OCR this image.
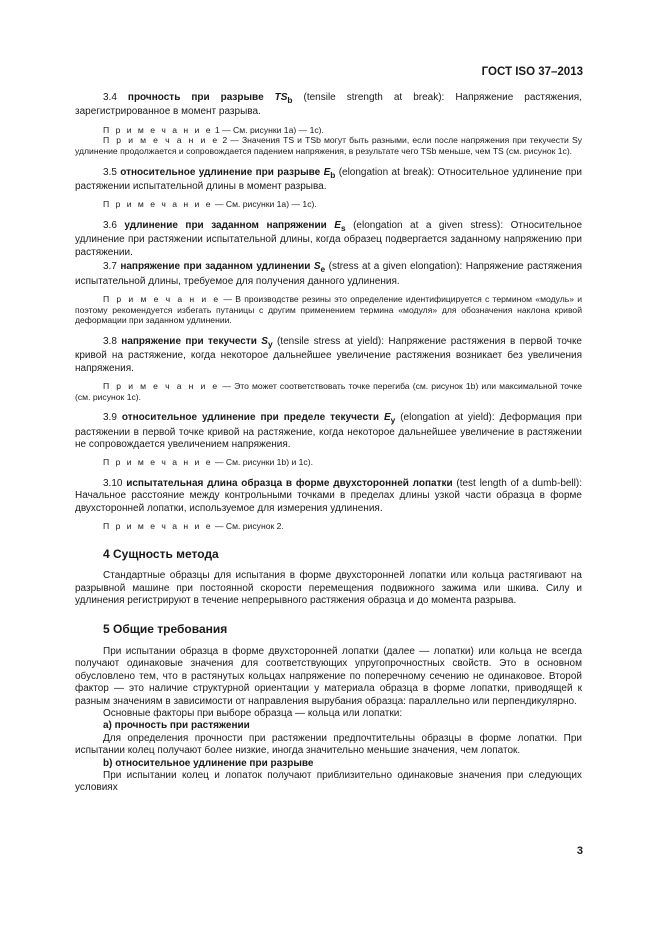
ГОСТ ISO 37–2013

3.4 прочность при разрыве $TS_b$ (tensile strength at break): Напряжение растяжения, зарегистрированное в момент разрыва.

П р и м е ч а н и е 1 — См. рисунки 1a) — 1c).

П р и м е ч а н и е 2 — Значения TS и TSb могут быть разными, если после напряжения при текучести Sy удлинение продолжается и сопровождается падением напряжения, в результате чего TSb меньше, чем TS (см. рисунок 1c).

3.5 относительное удлинение при разрыве $E_b$ (elongation at break): Относительное удлинение при растяжении испытательной длины в момент разрыва.

П р и м е ч а н и е — См. рисунки 1a) — 1c).

3.6 удлинение при заданном напряжении $E_s$ (elongation at a given stress): Относительное удлинение при растяжении испытательной длины, когда образец подвергается заданному напряжению при растяжении.

3.7 напряжение при заданном удлинении $S_e$ (stress at a given elongation): Напряжение растяжения испытательной длины, требуемое для получения данного удлинения.

П р и м е ч а н и е — В производстве резины это определение идентифицируется с термином «модуль» и поэтому рекомендуется избегать путаницы с другим применением термина «модуля» для обозначения наклона кривой деформации при заданном удлинении.

3.8 напряжение при текучести $S_y$ (tensile stress at yield): Напряжение растяжения в первой точке кривой на растяжение, когда некоторое дальнейшее увеличение растяжения возникает без увеличения напряжения.

П р и м е ч а н и е — Это может соответствовать точке перегиба (см. рисунок 1b) или максимальной точке (см. рисунок 1c).

3.9 относительное удлинение при пределе текучести $E_y$ (elongation at yield): Деформация при растяжении в первой точке кривой на растяжение, когда некоторое дальнейшее увеличение в растяжении не сопровождается увеличением напряжения.

П р и м е ч а н и е — См. рисунки 1b) и 1c).

3.10 испытательная длина образца в форме двухсторонней лопатки (test length of a dumb-bell): Начальное расстояние между контрольными точками в пределах длины узкой части образца в форме двухсторонней лопатки, используемое для измерения удлинения.

П р и м е ч а н и е — См. рисунок 2.

4 Сущность метода

Стандартные образцы для испытания в форме двухсторонней лопатки или кольца растягивают на разрывной машине при постоянной скорости перемещения подвижного зажима или шкива. Силу и удлинения регистрируют в течение непрерывного растяжения образца и до момента разрыва.

5 Общие требования

При испытании образца в форме двухсторонней лопатки (далее — лопатки) или кольца не всегда получают одинаковые значения для соответствующих упругопрочностных свойств. Это в основном обусловлено тем, что в растянутых кольцах напряжение по поперечному сечению не одинаковое. Второй фактор — это наличие структурной ориентации у материала образца в форме лопатки, приводящей к разным значениям в зависимости от направления вырубания образца: параллельно или перпендикулярно.

Основные факторы при выборе образца — кольца или лопатки:

a) прочность при растяжении

Для определения прочности при растяжении предпочтительны образцы в форме лопатки. При испытании колец получают более низкие, иногда значительно меньшие значения, чем лопаток.

b) относительное удлинение при разрыве

При испытании колец и лопаток получают приблизительно одинаковые значения при следующих условиях

3
